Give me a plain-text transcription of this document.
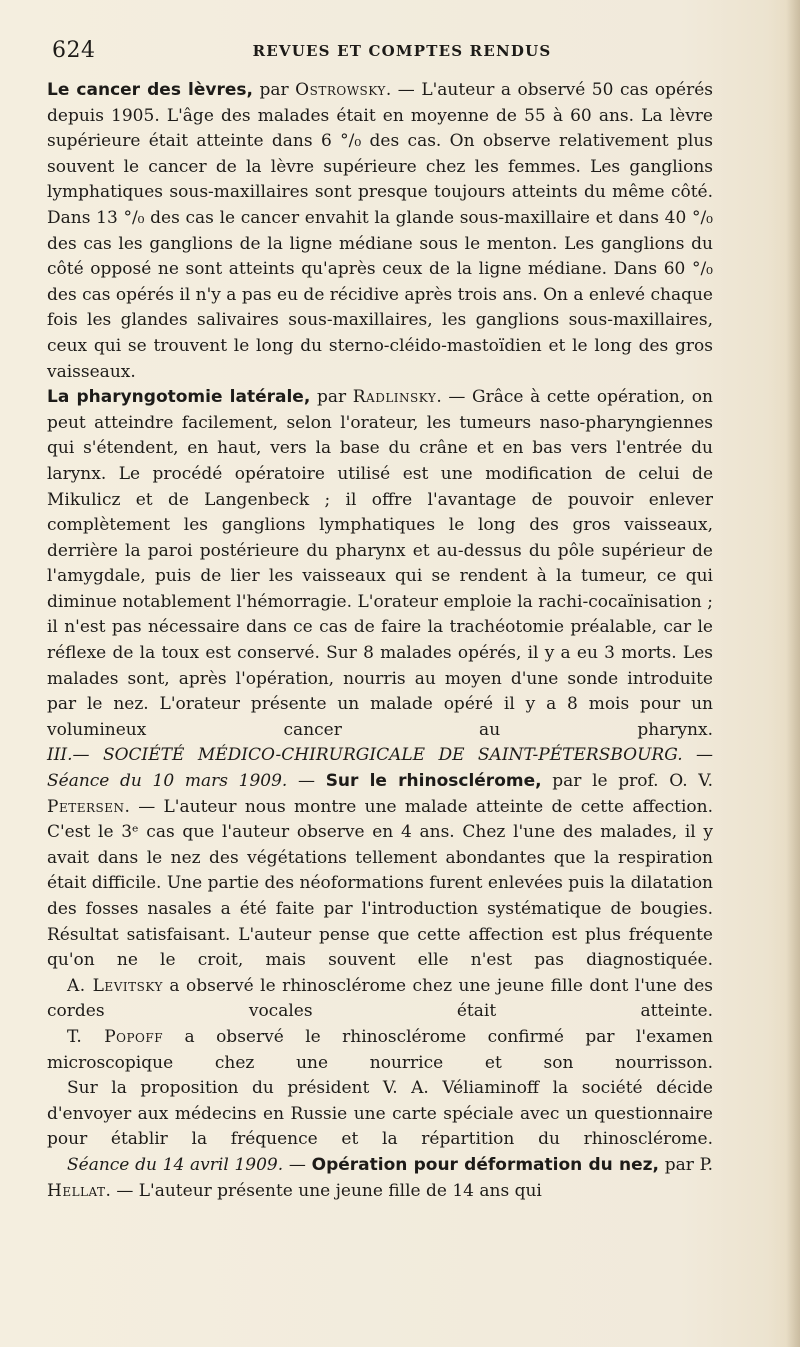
624	REVUES ET COMPTES RENDUS

Le cancer des lèvres, par Ostrowsky. — L'auteur a observé 50 cas opérés depuis 1905. L'âge des malades était en moyenne de 55 à 60 ans. La lèvre supérieure était atteinte dans 6 °/₀ des cas. On observe relativement plus souvent le cancer de la lèvre supérieure chez les femmes. Les ganglions lymphatiques sous-maxillaires sont presque toujours atteints du même côté. Dans 13 °/₀ des cas le cancer envahit la glande sous-maxillaire et dans 40 °/₀ des cas les ganglions de la ligne médiane sous le menton. Les ganglions du côté opposé ne sont atteints qu'après ceux de la ligne médiane. Dans 60 °/₀ des cas opérés il n'y a pas eu de récidive après trois ans. On a enlevé chaque fois les glandes salivaires sous-maxillaires, les ganglions sous-maxillaires, ceux qui se trouvent le long du sterno-cléido-mastoïdien et le long des gros vaisseaux.

La pharyngotomie latérale, par Radlinsky. — Grâce à cette opération, on peut atteindre facilement, selon l'orateur, les tumeurs naso-pharyngiennes qui s'étendent, en haut, vers la base du crâne et en bas vers l'entrée du larynx. Le procédé opératoire utilisé est une modification de celui de Mikulicz et de Langenbeck ; il offre l'avantage de pouvoir enlever complètement les ganglions lymphatiques le long des gros vaisseaux, derrière la paroi postérieure du pharynx et au-dessus du pôle supérieur de l'amygdale, puis de lier les vaisseaux qui se rendent à la tumeur, ce qui diminue notablement l'hémorragie. L'orateur emploie la rachi-cocaïnisation ; il n'est pas nécessaire dans ce cas de faire la trachéotomie préalable, car le réflexe de la toux est conservé. Sur 8 malades opérés, il y a eu 3 morts. Les malades sont, après l'opération, nourris au moyen d'une sonde introduite par le nez. L'orateur présente un malade opéré il y a 8 mois pour un volumineux cancer au pharynx.

III.— SOCIÉTÉ MÉDICO-CHIRURGICALE DE SAINT-PÉTERSBOURG. — Séance du 10 mars 1909. — Sur le rhinosclérome, par le prof. O. V. Petersen. — L'auteur nous montre une malade atteinte de cette affection. C'est le 3ᵉ cas que l'auteur observe en 4 ans. Chez l'une des malades, il y avait dans le nez des végétations tellement abondantes que la respiration était difficile. Une partie des néoformations furent enlevées puis la dilatation des fosses nasales a été faite par l'introduction systématique de bougies. Résultat satisfaisant. L'auteur pense que cette affection est plus fréquente qu'on ne le croit, mais souvent elle n'est pas diagnostiquée.

A. Levitsky a observé le rhinosclérome chez une jeune fille dont l'une des cordes vocales était atteinte.

T. Popoff a observé le rhinosclérome confirmé par l'examen microscopique chez une nourrice et son nourrisson.

Sur la proposition du président V. A. Véliaminoff la société décide d'envoyer aux médecins en Russie une carte spéciale avec un questionnaire pour établir la fréquence et la répartition du rhinosclérome.

Séance du 14 avril 1909. — Opération pour déformation du nez, par P. Hellat. — L'auteur présente une jeune fille de 14 ans qui
